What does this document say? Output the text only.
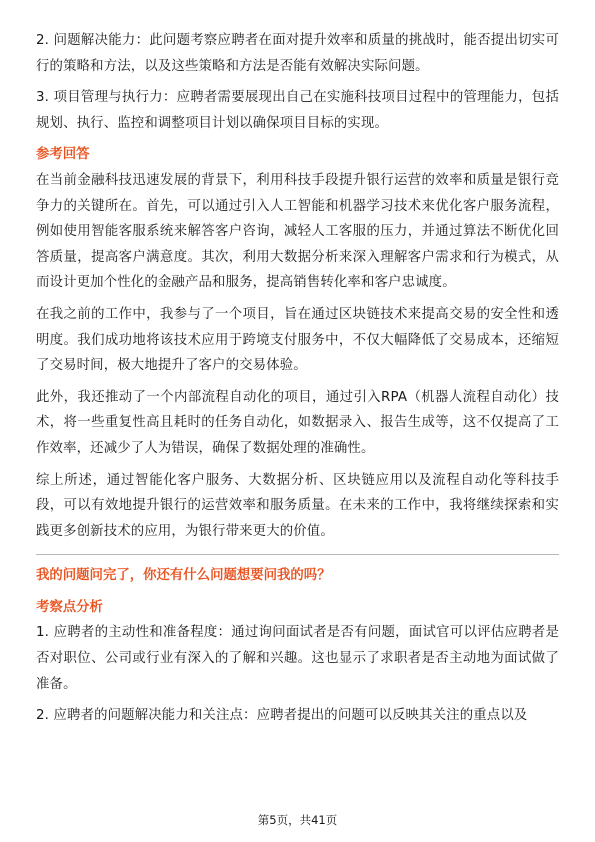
2. 问题解决能力：此问题考察应聘者在面对提升效率和质量的挑战时，能否提出切实可行的策略和方法，以及这些策略和方法是否能有效解决实际问题。

3. 项目管理与执行力：应聘者需要展现出自己在实施科技项目过程中的管理能力，包括规划、执行、监控和调整项目计划以确保项目目标的实现。

参考回答

在当前金融科技迅速发展的背景下，利用科技手段提升银行运营的效率和质量是银行竞争力的关键所在。首先，可以通过引入人工智能和机器学习技术来优化客户服务流程，例如使用智能客服系统来解答客户咨询，减轻人工客服的压力，并通过算法不断优化回答质量，提高客户满意度。其次，利用大数据分析来深入理解客户需求和行为模式，从而设计更加个性化的金融产品和服务，提高销售转化率和客户忠诚度。

在我之前的工作中，我参与了一个项目，旨在通过区块链技术来提高交易的安全性和透明度。我们成功地将该技术应用于跨境支付服务中，不仅大幅降低了交易成本，还缩短了交易时间，极大地提升了客户的交易体验。

此外，我还推动了一个内部流程自动化的项目，通过引入RPA（机器人流程自动化）技术，将一些重复性高且耗时的任务自动化，如数据录入、报告生成等，这不仅提高了工作效率，还减少了人为错误，确保了数据处理的准确性。

综上所述，通过智能化客户服务、大数据分析、区块链应用以及流程自动化等科技手段，可以有效地提升银行的运营效率和服务质量。在未来的工作中，我将继续探索和实践更多创新技术的应用，为银行带来更大的价值。

我的问题问完了，你还有什么问题想要问我的吗？
考察点分析

1. 应聘者的主动性和准备程度：通过询问面试者是否有问题，面试官可以评估应聘者是否对职位、公司或行业有深入的了解和兴趣。这也显示了求职者是否主动地为面试做了准备。

2. 应聘者的问题解决能力和关注点：应聘者提出的问题可以反映其关注的重点以及

第5页，共41页
